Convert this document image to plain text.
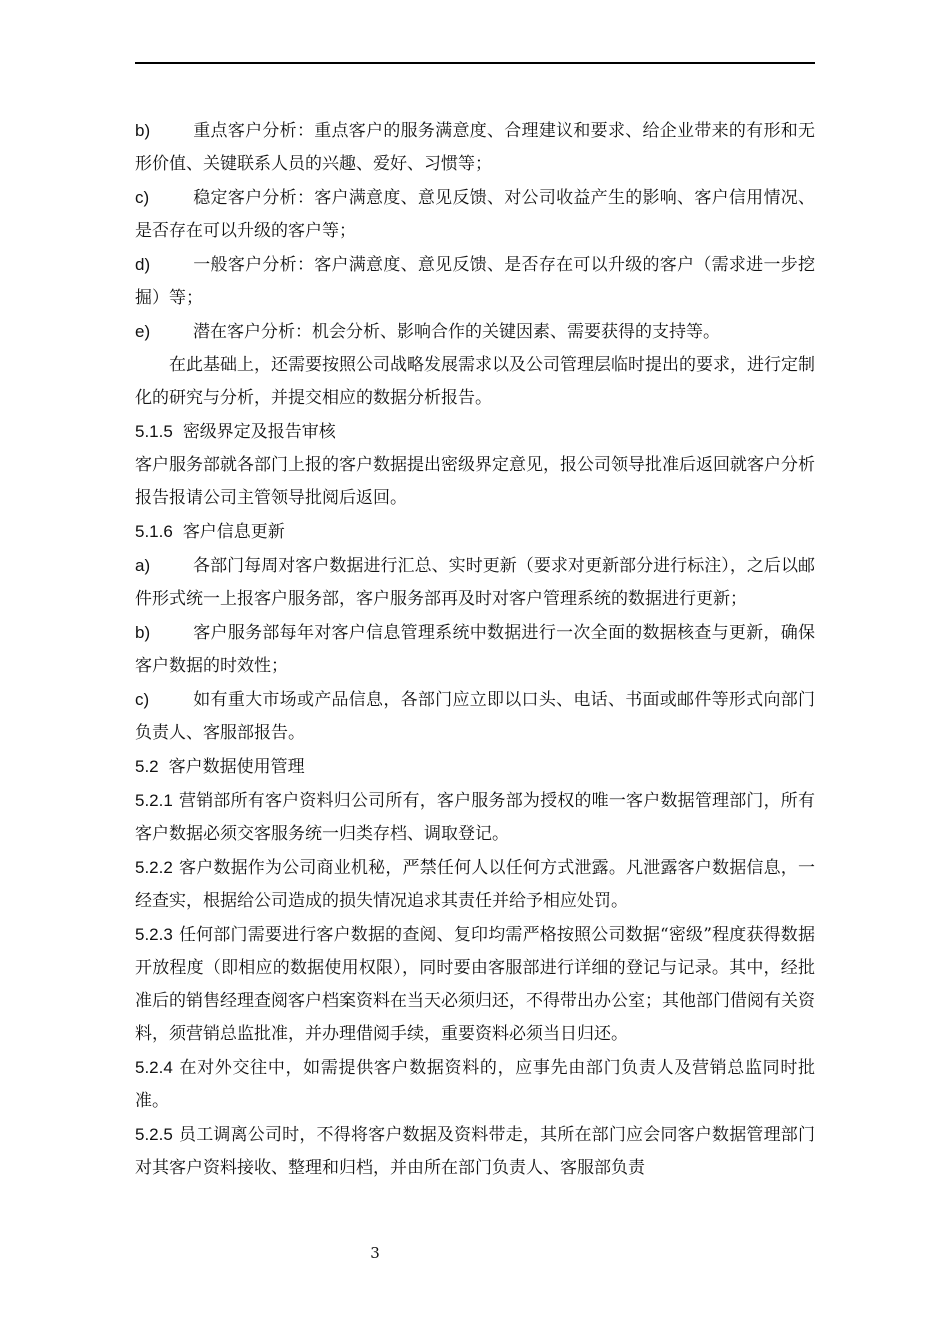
b)	重点客户分析：重点客户的服务满意度、合理建议和要求、给企业带来的有形和无形价值、关键联系人员的兴趣、爱好、习惯等；

c)	稳定客户分析：客户满意度、意见反馈、对公司收益产生的影响、客户信用情况、是否存在可以升级的客户等；

d)	一般客户分析：客户满意度、意见反馈、是否存在可以升级的客户（需求进一步挖掘）等；

e)	潜在客户分析：机会分析、影响合作的关键因素、需要获得的支持等。

在此基础上，还需要按照公司战略发展需求以及公司管理层临时提出的要求，进行定制化的研究与分析，并提交相应的数据分析报告。

5.1.5 密级界定及报告审核

客户服务部就各部门上报的客户数据提出密级界定意见，报公司领导批准后返回就客户分析报告报请公司主管领导批阅后返回。

5.1.6 客户信息更新

a)	各部门每周对客户数据进行汇总、实时更新（要求对更新部分进行标注），之后以邮件形式统一上报客户服务部，客户服务部再及时对客户管理系统的数据进行更新；

b)	客户服务部每年对客户信息管理系统中数据进行一次全面的数据核查与更新，确保客户数据的时效性；

c)	如有重大市场或产品信息，各部门应立即以口头、电话、书面或邮件等形式向部门负责人、客服部报告。

5.2 客户数据使用管理

5.2.1 营销部所有客户资料归公司所有，客户服务部为授权的唯一客户数据管理部门，所有客户数据必须交客服务统一归类存档、调取登记。

5.2.2 客户数据作为公司商业机秘，严禁任何人以任何方式泄露。凡泄露客户数据信息，一经查实，根据给公司造成的损失情况追求其责任并给予相应处罚。

5.2.3 任何部门需要进行客户数据的查阅、复印均需严格按照公司数据“密级”程度获得数据开放程度（即相应的数据使用权限），同时要由客服部进行详细的登记与记录。其中，经批准后的销售经理查阅客户档案资料在当天必须归还，不得带出办公室；其他部门借阅有关资料，须营销总监批准，并办理借阅手续，重要资料必须当日归还。

5.2.4 在对外交往中，如需提供客户数据资料的，应事先由部门负责人及营销总监同时批准。

5.2.5 员工调离公司时，不得将客户数据及资料带走，其所在部门应会同客户数据管理部门对其客户资料接收、整理和归档，并由所在部门负责人、客服部负责

3
